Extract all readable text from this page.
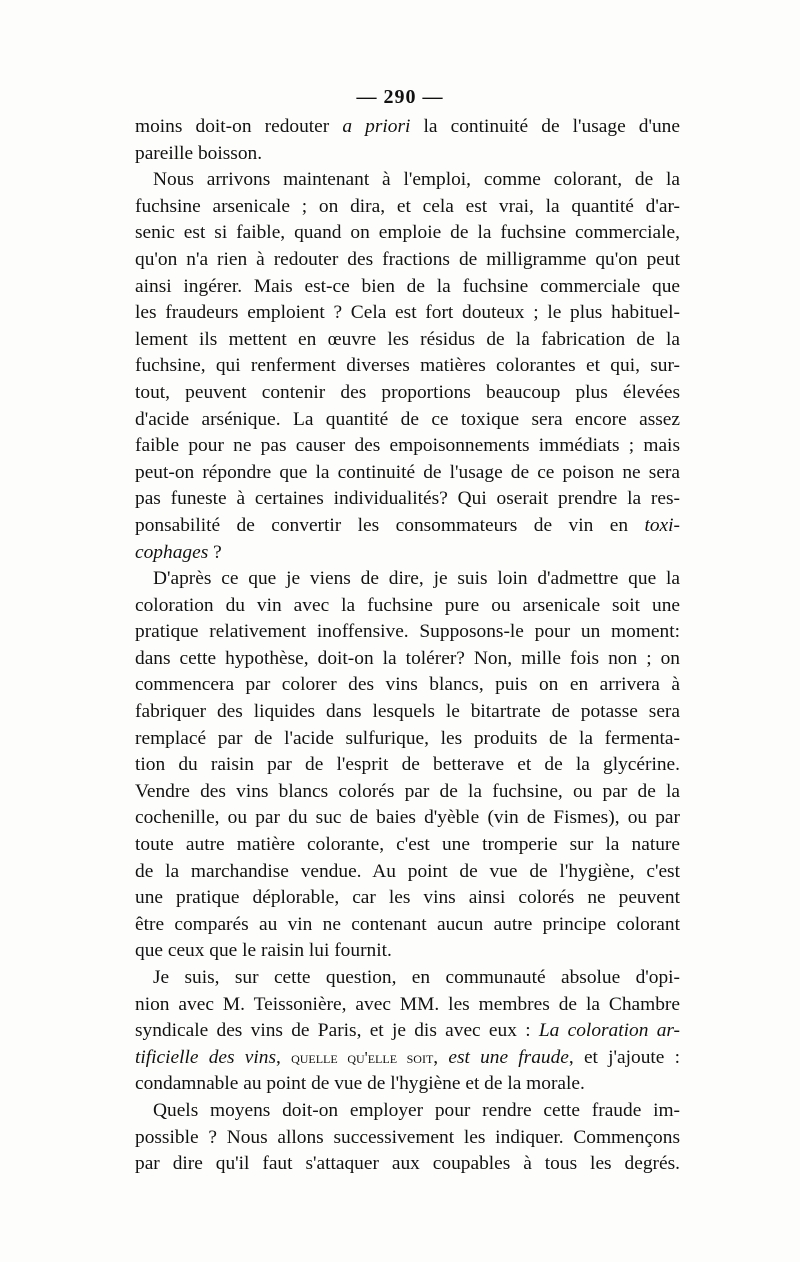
— 290 —
moins doit-on redouter a priori la continuité de l'usage d'une
pareille boisson.
Nous arrivons maintenant à l'emploi, comme colorant, de la
fuchsine arsenicale ; on dira, et cela est vrai, la quantité d'ar-
senic est si faible, quand on emploie de la fuchsine commerciale,
qu'on n'a rien à redouter des fractions de milligramme qu'on peut
ainsi ingérer. Mais est-ce bien de la fuchsine commerciale que
les fraudeurs emploient ? Cela est fort douteux ; le plus habituel-
lement ils mettent en œuvre les résidus de la fabrication de la
fuchsine, qui renferment diverses matières colorantes et qui, sur-
tout, peuvent contenir des proportions beaucoup plus élevées
d'acide arsénique. La quantité de ce toxique sera encore assez
faible pour ne pas causer des empoisonnements immédiats ; mais
peut-on répondre que la continuité de l'usage de ce poison ne sera
pas funeste à certaines individualités? Qui oserait prendre la res-
ponsabilité de convertir les consommateurs de vin en toxi-
cophages ?
D'après ce que je viens de dire, je suis loin d'admettre que la
coloration du vin avec la fuchsine pure ou arsenicale soit une
pratique relativement inoffensive. Supposons-le pour un moment:
dans cette hypothèse, doit-on la tolérer? Non, mille fois non ; on
commencera par colorer des vins blancs, puis on en arrivera à
fabriquer des liquides dans lesquels le bitartrate de potasse sera
remplacé par de l'acide sulfurique, les produits de la fermenta-
tion du raisin par de l'esprit de betterave et de la glycérine.
Vendre des vins blancs colorés par de la fuchsine, ou par de la
cochenille, ou par du suc de baies d'yèble (vin de Fismes), ou par
toute autre matière colorante, c'est une tromperie sur la nature
de la marchandise vendue. Au point de vue de l'hygiène, c'est
une pratique déplorable, car les vins ainsi colorés ne peuvent
être comparés au vin ne contenant aucun autre principe colorant
que ceux que le raisin lui fournit.
Je suis, sur cette question, en communauté absolue d'opi-
nion avec M. Teissonière, avec MM. les membres de la Chambre
syndicale des vins de Paris, et je dis avec eux : La coloration ar-
tificielle des vins, quelle qu'elle soit, est une fraude, et j'ajoute :
condamnable au point de vue de l'hygiène et de la morale.
Quels moyens doit-on employer pour rendre cette fraude im-
possible ? Nous allons successivement les indiquer. Commençons
par dire qu'il faut s'attaquer aux coupables à tous les degrés.
